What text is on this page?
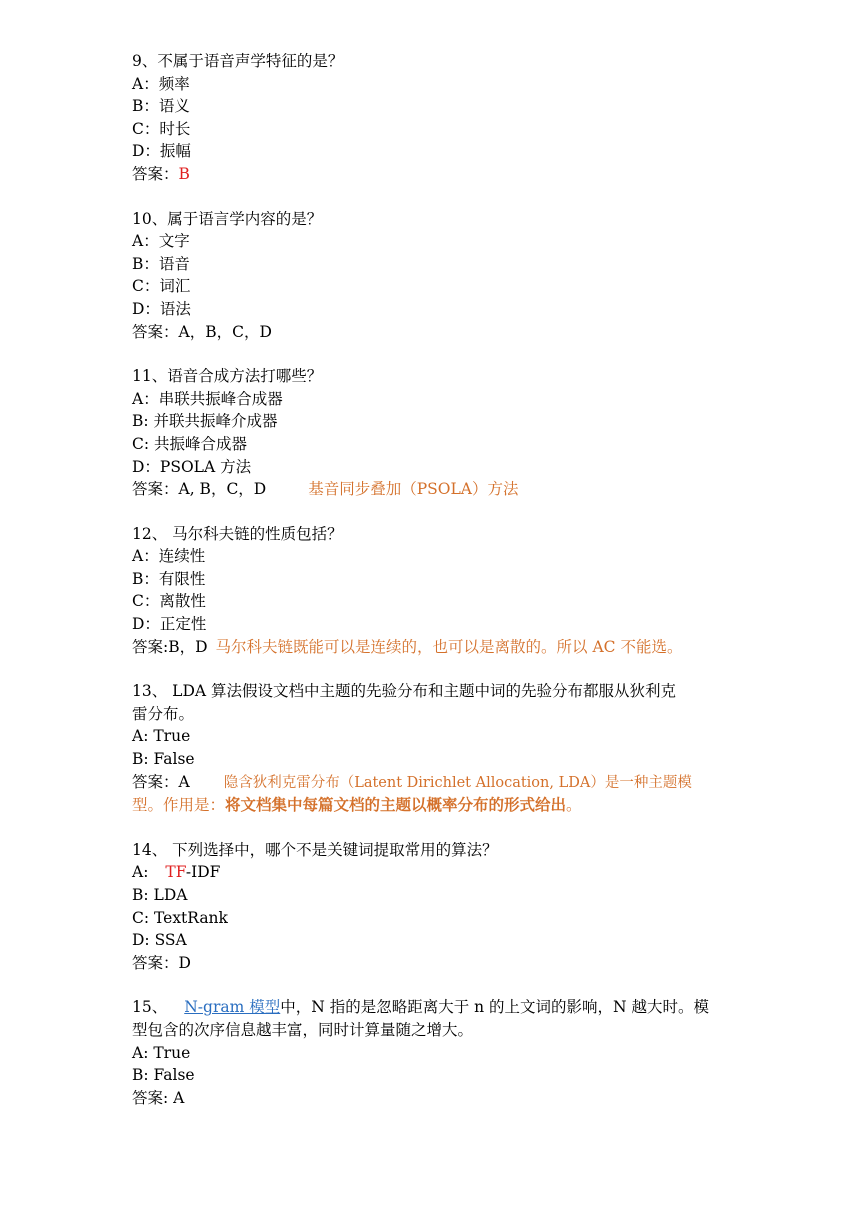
9、不属于语音声学特征的是？
A：频率
B：语义
C：时长
D：振幅
答案：B
10、属于语言学内容的是？
A：文字
B：语音
C：词汇
D：语法
答案：A，B，C，D
11、语音合成方法打哪些？
A：串联共振峰合成器
B: 并联共振峰介成器
C: 共振峰合成器
D：PSOLA 方法
答案：A, B，C，D	基音同步叠加（PSOLA）方法
12、 马尔科夫链的性质包括？
A：连续性
B：有限性
C：离散性
D：正定性
答案:B，D 马尔科夫链既能可以是连续的，也可以是离散的。所以 AC 不能选。
13、 LDA 算法假设文档中主题的先验分布和主题中词的先验分布都服从狄利克
雷分布。
A: True
B: False
答案：A 隐含狄利克雷分布（Latent Dirichlet Allocation, LDA）是一种主题模
型。作用是：将文档集中每篇文档的主题以概率分布的形式给出。
14、 下列选择中，哪个不是关键词提取常用的算法？
A: TF-IDF
B: LDA
C: TextRank
D: SSA
答案：D
15、 N-gram 模型中，N 指的是忽略距离大于 n 的上文词的影响，N 越大时。模
型包含的次序信息越丰富，同时计算量随之增大。
A: True
B: False
答案: A
